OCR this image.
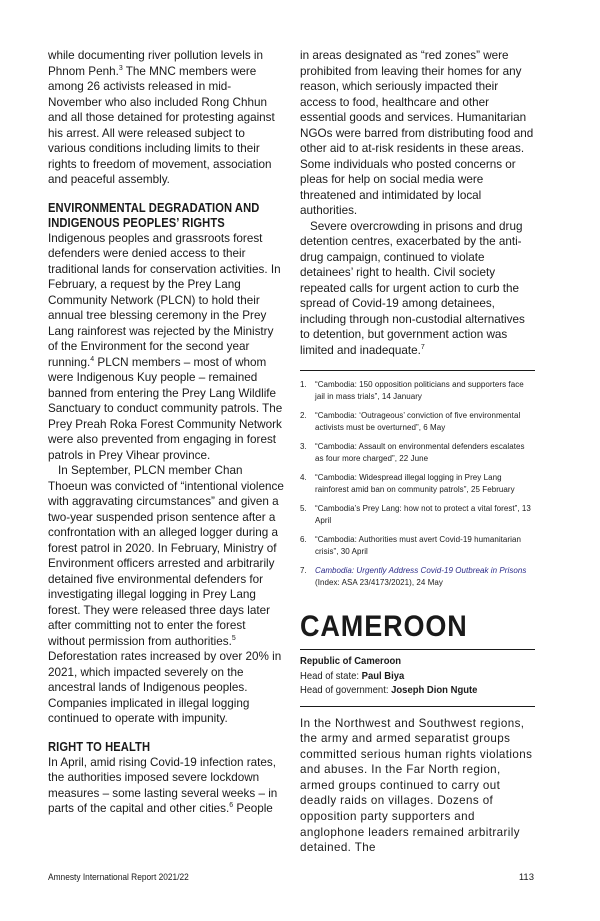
while documenting river pollution levels in Phnom Penh.$^3$ The MNC members were among 26 activists released in mid-November who also included Rong Chhun and all those detained for protesting against his arrest. All were released subject to various conditions including limits to their rights to freedom of movement, association and peaceful assembly.

ENVIRONMENTAL DEGRADATION AND INDIGENOUS PEOPLES’ RIGHTS

Indigenous peoples and grassroots forest defenders were denied access to their traditional lands for conservation activities. In February, a request by the Prey Lang Community Network (PLCN) to hold their annual tree blessing ceremony in the Prey Lang rainforest was rejected by the Ministry of the Environment for the second year running.$^4$ PLCN members – most of whom were Indigenous Kuy people – remained banned from entering the Prey Lang Wildlife Sanctuary to conduct community patrols. The Prey Preah Roka Forest Community Network were also prevented from engaging in forest patrols in Prey Vihear province.

In September, PLCN member Chan Thoeun was convicted of “intentional violence with aggravating circumstances” and given a two-year suspended prison sentence after a confrontation with an alleged logger during a forest patrol in 2020. In February, Ministry of Environment officers arrested and arbitrarily detained five environmental defenders for investigating illegal logging in Prey Lang forest. They were released three days later after committing not to enter the forest without permission from authorities.$^5$ Deforestation rates increased by over 20% in 2021, which impacted severely on the ancestral lands of Indigenous peoples. Companies implicated in illegal logging continued to operate with impunity.

RIGHT TO HEALTH

In April, amid rising Covid-19 infection rates, the authorities imposed severe lockdown measures – some lasting several weeks – in parts of the capital and other cities.$^6$ People

in areas designated as “red zones” were prohibited from leaving their homes for any reason, which seriously impacted their access to food, healthcare and other essential goods and services. Humanitarian NGOs were barred from distributing food and other aid to at-risk residents in these areas. Some individuals who posted concerns or pleas for help on social media were threatened and intimidated by local authorities.

Severe overcrowding in prisons and drug detention centres, exacerbated by the anti-drug campaign, continued to violate detainees’ right to health. Civil society repeated calls for urgent action to curb the spread of Covid-19 among detainees, including through non-custodial alternatives to detention, but government action was limited and inadequate.$^7$

1. “Cambodia: 150 opposition politicians and supporters face jail in mass trials”, 14 January
2. “Cambodia: ‘Outrageous’ conviction of five environmental activists must be overturned”, 6 May
3. “Cambodia: Assault on environmental defenders escalates as four more charged”, 22 June
4. “Cambodia: Widespread illegal logging in Prey Lang rainforest amid ban on community patrols”, 25 February
5. “Cambodia’s Prey Lang: how not to protect a vital forest”, 13 April
6. “Cambodia: Authorities must avert Covid-19 humanitarian crisis”, 30 April
7. Cambodia: Urgently Address Covid-19 Outbreak in Prisons (Index: ASA 23/4173/2021), 24 May
CAMEROON
Republic of Cameroon
Head of state: Paul Biya
Head of government: Joseph Dion Ngute

In the Northwest and Southwest regions, the army and armed separatist groups committed serious human rights violations and abuses. In the Far North region, armed groups continued to carry out deadly raids on villages. Dozens of opposition party supporters and anglophone leaders remained arbitrarily detained. The

Amnesty International Report 2021/22	113
